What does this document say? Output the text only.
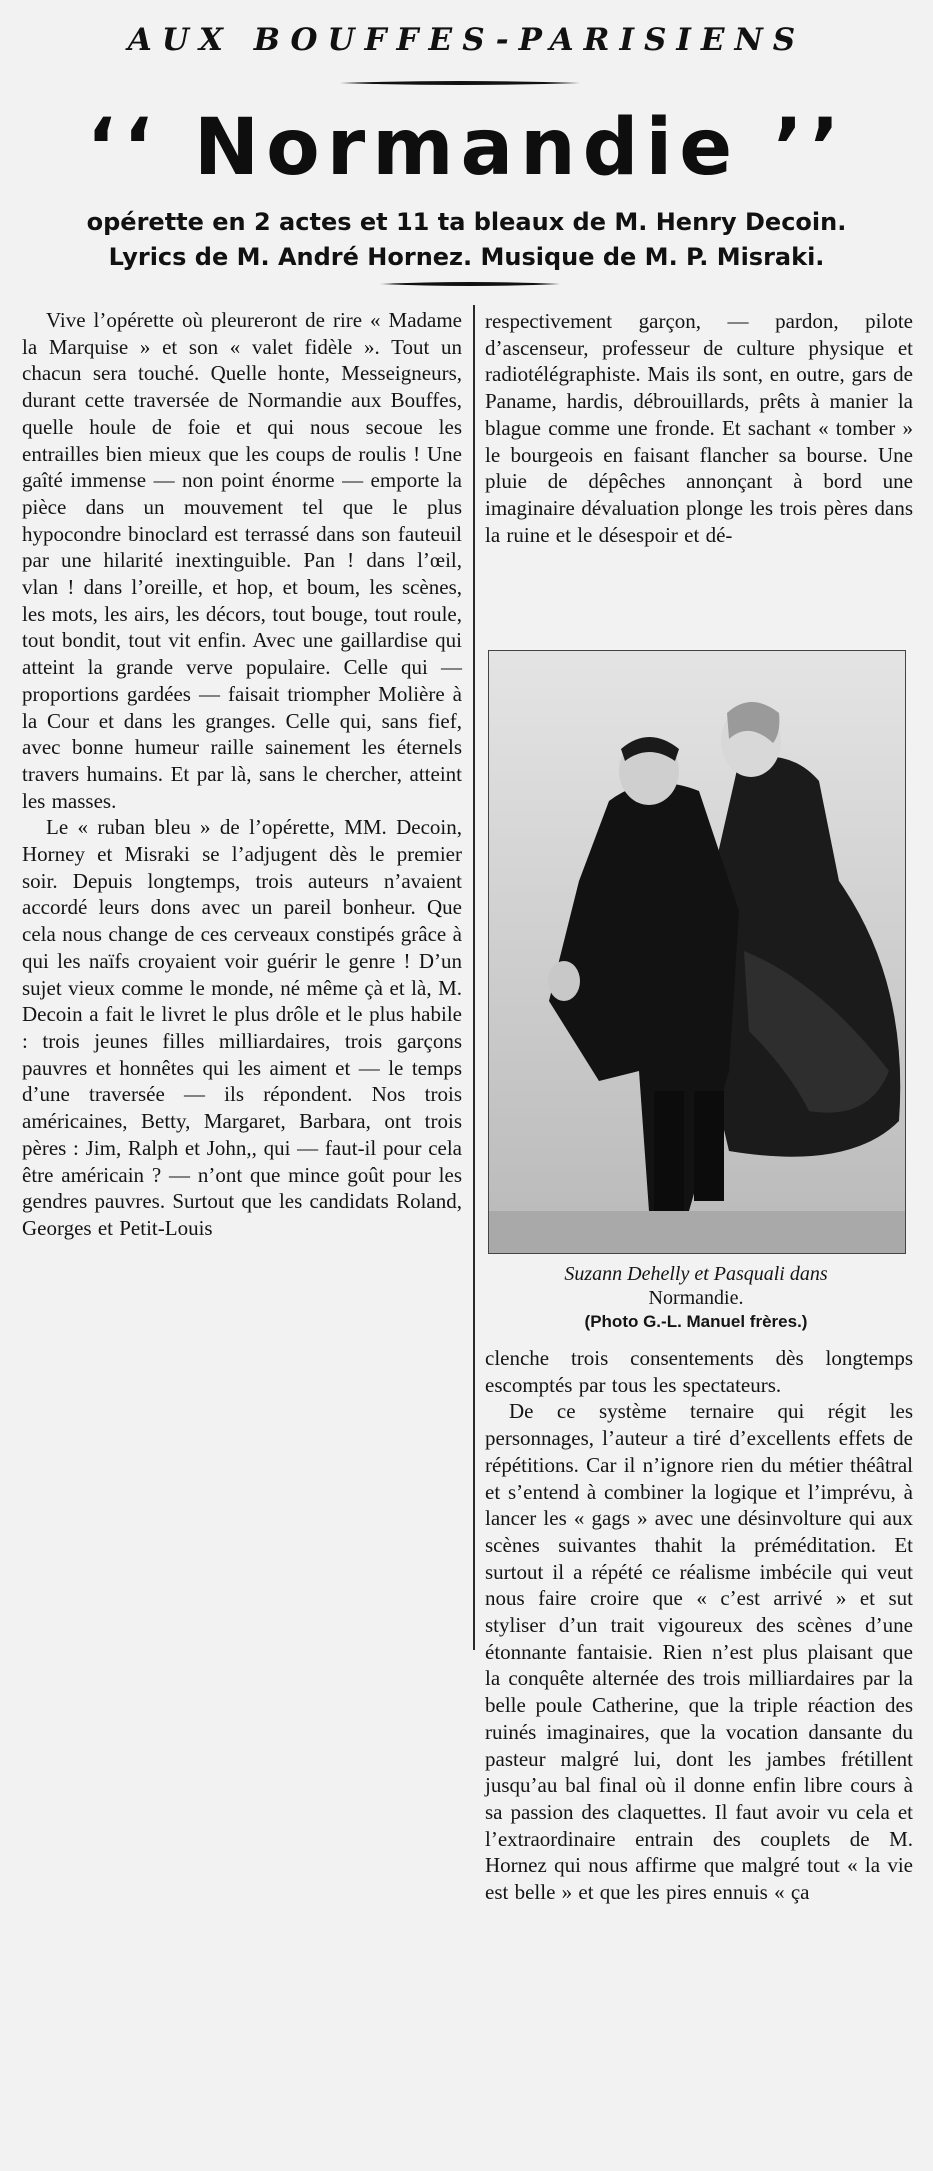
AUX BOUFFES-PARISIENS
‘‘ Normandie ’’
opérette en 2 actes et 11 ta bleaux de M. Henry Decoin.
Lyrics de M. André Hornez. Musique de M. P. Misraki.

Vive l’opérette où pleureront de rire « Madame la Marquise » et son « valet fidèle ». Tout un chacun sera touché. Quelle honte, Messeigneurs, durant cette traversée de Normandie aux Bouffes, quelle houle de foie et qui nous secoue les entrailles bien mieux que les coups de roulis ! Une gaîté immense — non point énorme — emporte la pièce dans un mouvement tel que le plus hypocondre binoclard est terrassé dans son fauteuil par une hilarité inextinguible. Pan ! dans l’œil, vlan ! dans l’oreille, et hop, et boum, les scènes, les mots, les airs, les décors, tout bouge, tout roule, tout bondit, tout vit enfin. Avec une gaillardise qui atteint la grande verve populaire. Celle qui — proportions gardées — faisait triompher Molière à la Cour et dans les granges. Celle qui, sans fief, avec bonne humeur raille sainement les éternels travers humains. Et par là, sans le chercher, atteint les masses.

Le « ruban bleu » de l’opérette, MM. Decoin, Horney et Misraki se l’adjugent dès le premier soir. Depuis longtemps, trois auteurs n’avaient accordé leurs dons avec un pareil bonheur. Que cela nous change de ces cerveaux constipés grâce à qui les naïfs croyaient voir guérir le genre ! D’un sujet vieux comme le monde, né même çà et là, M. Decoin a fait le livret le plus drôle et le plus habile : trois jeunes filles milliardaires, trois garçons pauvres et honnêtes qui les aiment et — le temps d’une traversée — ils répondent. Nos trois américaines, Betty, Margaret, Barbara, ont trois pères : Jim, Ralph et John,, qui — faut-il pour cela être américain ? — n’ont que mince goût pour les gendres pauvres. Surtout que les candidats Roland, Georges et Petit-Louis

respectivement garçon, — pardon, pilote d’ascenseur, professeur de culture physique et radiotélégraphiste. Mais ils sont, en outre, gars de Paname, hardis, débrouillards, prêts à manier la blague comme une fronde. Et sachant « tomber » le bourgeois en faisant flancher sa bourse. Une pluie de dépêches annonçant à bord une imaginaire dévaluation plonge les trois pères dans la ruine et le désespoir et dé-

Suzann Dehelly et Pasquali dans
Normandie.
(Photo G.-L. Manuel frères.)

clenche trois consentements dès longtemps escomptés par tous les spectateurs.

De ce système ternaire qui régit les personnages, l’auteur a tiré d’excellents effets de répétitions. Car il n’ignore rien du métier théâtral et s’entend à combiner la logique et l’imprévu, à lancer les « gags » avec une désinvolture qui aux scènes suivantes thahit la préméditation. Et surtout il a répété ce réalisme imbécile qui veut nous faire croire que « c’est arrivé » et sut styliser d’un trait vigoureux des scènes d’une étonnante fantaisie. Rien n’est plus plaisant que la conquête alternée des trois milliardaires par la belle poule Catherine, que la triple réaction des ruinés imaginaires, que la vocation dansante du pasteur malgré lui, dont les jambes frétillent jusqu’au bal final où il donne enfin libre cours à sa passion des claquettes. Il faut avoir vu cela et l’extraordinaire entrain des couplets de M. Hornez qui nous affirme que malgré tout « la vie est belle » et que les pires ennuis « ça
